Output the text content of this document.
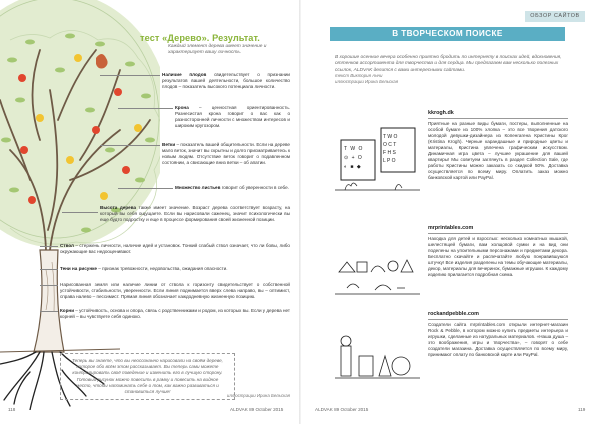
тест «Дерево». Результат.
Каждый элемент дерева имеет значение и характеризует вашу личность.
Наличие плодов свидетельствует о признании результатов вашей деятельности, большое количество плодов – показатель высокого потенциала личности.
Крона – ценностная ориентированность. Разнесистая крона говорит о вас как о разносторонней личности с множеством интересов и широким кругозором.
Ветки – показатель вашей общительности. Если на дереве мало веток, значит вы скрытны и долго присматриваетесь к новым людям. Отсутствие веток говорит о подавленном состоянии, а свисающие вниз ветки – об апатии.
Множество листьев говорит об уверенности в себе.
Высота дерева также имеет значение. Возраст дерева соответствует возрасту, на который вы себя ощущаете. Если вы нарисовали саженец, значит психологически вы еще будто подростку и еще в процессе формирования своей жизненной позиции.
Ствол – стержень личности, наличие идей и установок. Тонкий слабый ствол означает, что ли бовы, либо окружающие вас недооценивают.
Тени на рисунке – признак тревожности, недовольства, ожидания опасности.
Нарисованная земля или наличие линии от ствола к горизонту свидетельствует о собственной устойчивости, стабильности, уверенности. Если линия поднимается вверх слева направо, вы – оптимист, справа налево – пессимист. Прямая линия обозначает каждодневную жизненную позицию.
Корни – устойчивость, основа и опора, связь с родственниками и родом, из которых вы. Если у дерева нет корней – вы чувствуете себя одиноко.
Теперь вы знаете, что вы неосознанно нарисовали на своём дереве, которое обо всём этом рассказывает. Вы теперь сами можете контролировать своё поведение и изменить его в лучшую сторону. Готовый рисунок можно повесить в рамку и повесить на видное место, чтобы напоминать себе о том, как важно развиваться и становиться лучше!
иллюстрации Ирина Бельская
118	ALDVAK 89 October 2015
ОБЗОР САЙТОВ
В ТВОРЧЕСКОМ ПОИСКЕ
В хорошие осенние вечера особенно приятно бродить по интернету в поисках идей, вдохновения, оттенков ассортимента для творчества и для сердца. Мы предлагаем вам несколько полезных ссылок, ALDVAK делится с вами интересными сайтами.
текст Виктория Анни
иллюстрации Ирина Бельская
T W O
⊙ + O
◐ ■ ◆
T W O
O C T
F H S
L P O
kkrogh.dk
Приятные на разные виды бумаги, постеры, выполненные на особой бумаге из 100% хлопка – это все творения датского молодой девушки-дизайнера из Копенгагена Кристины Крог (Kristina Krogh). Черные карандашные и природные цветы и материалы, Кристина увлечена графическим искусством. Динамичная игра цвета – лучшее украшение для вашей квартиры! Мы советуем заглянуть в раздел Collection Sale, где работы Кристины можно заказать со скидкой 50%. Доставка осуществляется по всему миру. Оплатить заказ можно банковской картой или PayPal.
mrprintables.com
Находка для детей и взрослых: несколько комнатных мышкой, шелестящей бумаги, вам холщовой сумки и на вид они поделены на упоительными персонажами и предметами декора. Бесплатно скачайте и распечатайте любую понравившуюся штучку! Все изделия разделены на темы обучающие материалы, декор, материалы для вечеринок, бумажные игрушки. К каждому изделию прилагается подробная схема.
rockandpebble.com
Создатели сайта mrprintables.com открыли интернет-магазин Rock & Pebble, в котором можно купить предметы интерьера и игрушки, сделанные из натуральных материалов. «Наша душа – это воображения, игры и творчества», – говорят о себе создатели магазина. Доставка осуществляется по всему миру, принимают оплату по банковской карте или PayPal.
ALDVAK 89 October 2015	119
